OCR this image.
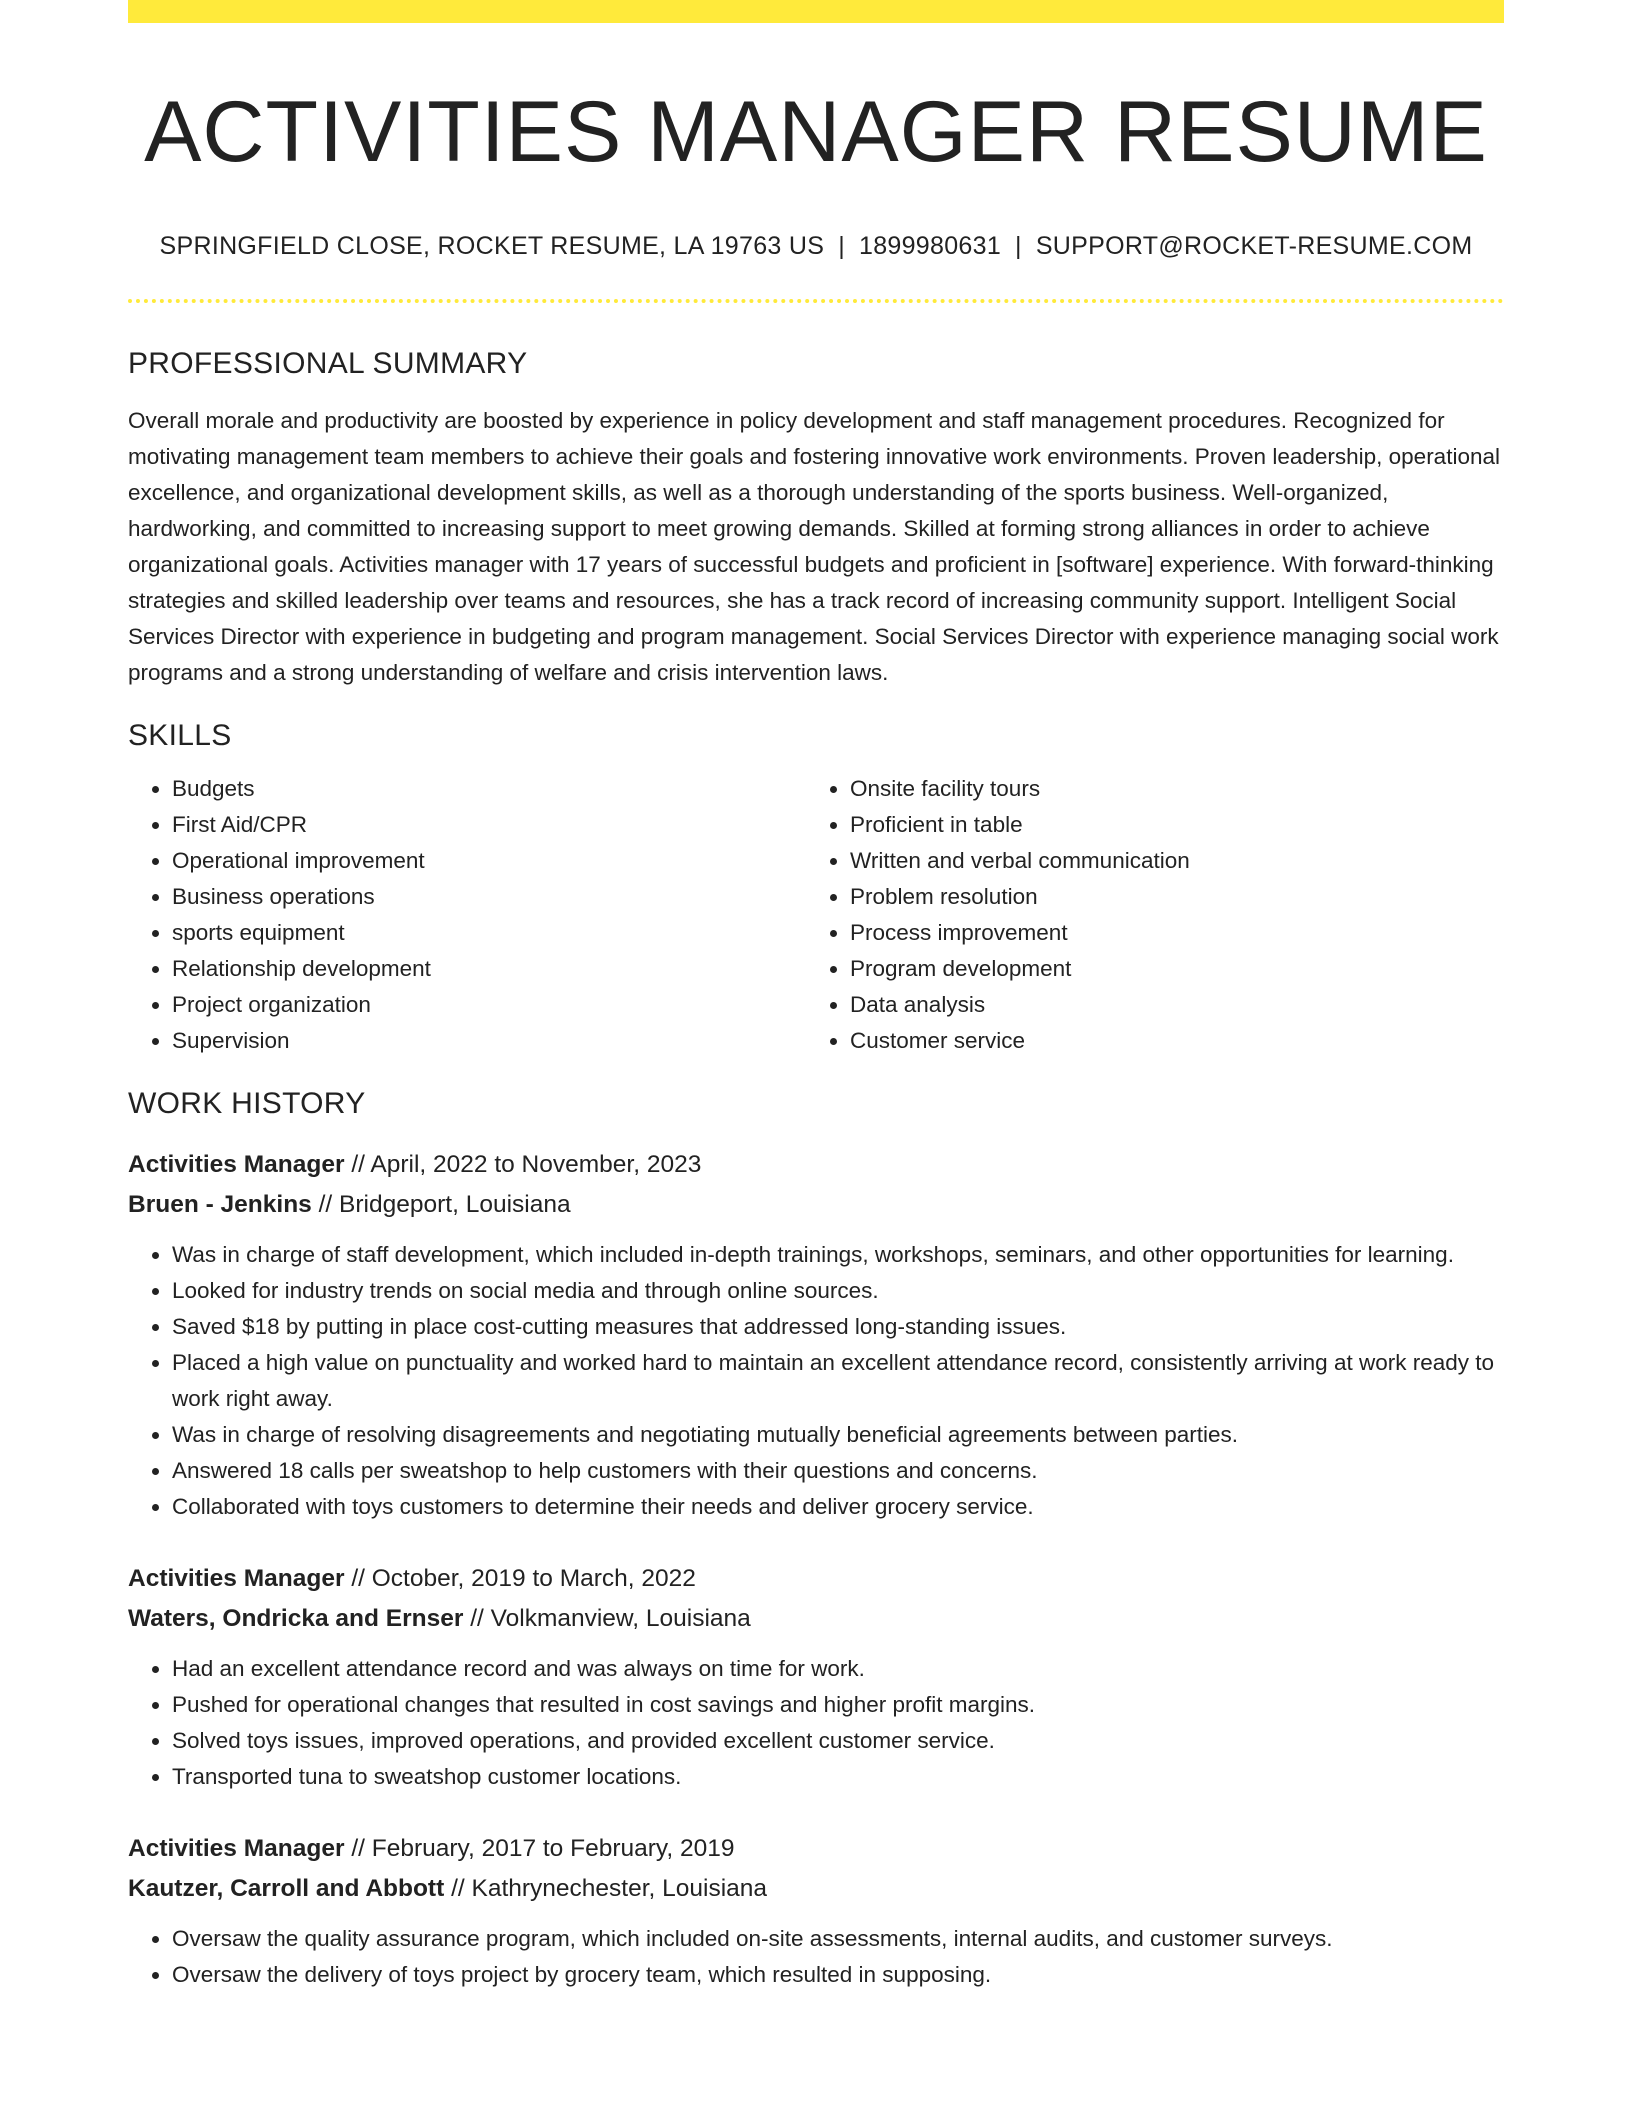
ACTIVITIES MANAGER RESUME
SPRINGFIELD CLOSE, ROCKET RESUME, LA 19763 US | 1899980631 | SUPPORT@ROCKET-RESUME.COM
PROFESSIONAL SUMMARY

Overall morale and productivity are boosted by experience in policy development and staff management procedures. Recognized for motivating management team members to achieve their goals and fostering innovative work environments. Proven leadership, operational excellence, and organizational development skills, as well as a thorough understanding of the sports business. Well-organized, hardworking, and committed to increasing support to meet growing demands. Skilled at forming strong alliances in order to achieve organizational goals. Activities manager with 17 years of successful budgets and proficient in [software] experience. With forward-thinking strategies and skilled leadership over teams and resources, she has a track record of increasing community support. Intelligent Social Services Director with experience in budgeting and program management. Social Services Director with experience managing social work programs and a strong understanding of welfare and crisis intervention laws.

SKILLS
• Budgets
• First Aid/CPR
• Operational improvement
• Business operations
• sports equipment
• Relationship development
• Project organization
• Supervision
• Onsite facility tours
• Proficient in table
• Written and verbal communication
• Problem resolution
• Process improvement
• Program development
• Data analysis
• Customer service
WORK HISTORY
Activities Manager // April, 2022 to November, 2023
Bruen - Jenkins // Bridgeport, Louisiana
• Was in charge of staff development, which included in-depth trainings, workshops, seminars, and other opportunities for learning.
• Looked for industry trends on social media and through online sources.
• Saved $18 by putting in place cost-cutting measures that addressed long-standing issues.
• Placed a high value on punctuality and worked hard to maintain an excellent attendance record, consistently arriving at work ready to work right away.
• Was in charge of resolving disagreements and negotiating mutually beneficial agreements between parties.
• Answered 18 calls per sweatshop to help customers with their questions and concerns.
• Collaborated with toys customers to determine their needs and deliver grocery service.
Activities Manager // October, 2019 to March, 2022
Waters, Ondricka and Ernser // Volkmanview, Louisiana
• Had an excellent attendance record and was always on time for work.
• Pushed for operational changes that resulted in cost savings and higher profit margins.
• Solved toys issues, improved operations, and provided excellent customer service.
• Transported tuna to sweatshop customer locations.
Activities Manager // February, 2017 to February, 2019
Kautzer, Carroll and Abbott // Kathrynechester, Louisiana
• Oversaw the quality assurance program, which included on-site assessments, internal audits, and customer surveys.
• Oversaw the delivery of toys project by grocery team, which resulted in supposing.
